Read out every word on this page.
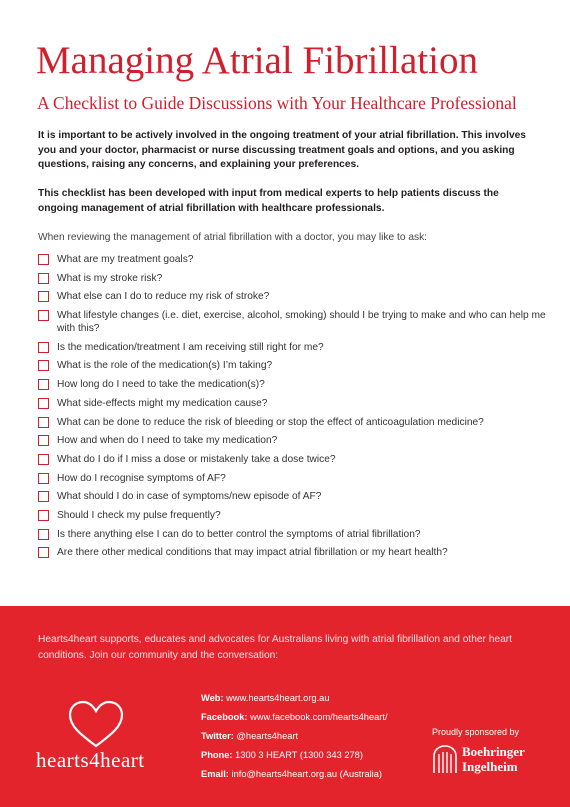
Managing Atrial Fibrillation
A Checklist to Guide Discussions with Your Healthcare Professional

It is important to be actively involved in the ongoing treatment of your atrial fibrillation. This involves you and your doctor, pharmacist or nurse discussing treatment goals and options, and you asking questions, raising any concerns, and explaining your preferences.

This checklist has been developed with input from medical experts to help patients discuss the ongoing management of atrial fibrillation with healthcare professionals.

When reviewing the management of atrial fibrillation with a doctor, you may like to ask:
What are my treatment goals?
What is my stroke risk?
What else can I do to reduce my risk of stroke?
What lifestyle changes (i.e. diet, exercise, alcohol, smoking) should I be trying to make and who can help me with this?
Is the medication/treatment I am receiving still right for me?
What is the role of the medication(s) I’m taking?
How long do I need to take the medication(s)?
What side-effects might my medication cause?
What can be done to reduce the risk of bleeding or stop the effect of anticoagulation medicine?
How and when do I need to take my medication?
What do I do if I miss a dose or mistakenly take a dose twice?
How do I recognise symptoms of AF?
What should I do in case of symptoms/new episode of AF?
Should I check my pulse frequently?
Is there anything else I can do to better control the symptoms of atrial fibrillation?
Are there other medical conditions that may impact atrial fibrillation or my heart health?

Hearts4heart supports, educates and advocates for Australians living with atrial fibrillation and other heart conditions. Join our community and the conversation:

hearts4heart
Web: www.hearts4heart.org.au
Facebook: www.facebook.com/hearts4heart/
Twitter: @hearts4heart
Phone: 1300 3 HEART (1300 343 278)
Email: info@hearts4heart.org.au (Australia)
Proudly sponsored by
Boehringer
Ingelheim
